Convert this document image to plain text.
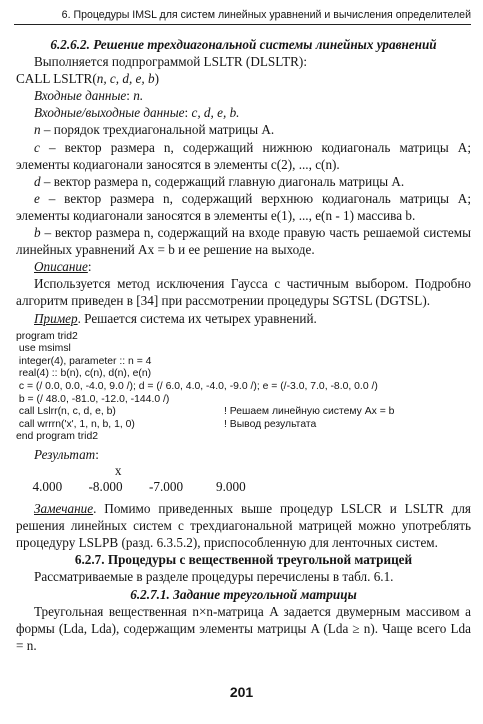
6. Процедуры IMSL для систем линейных уравнений и вычисления определителей

6.2.6.2. Решение трехдиагональной системы линейных уравнений

Выполняется подпрограммой LSLTR (DLSLTR):

CALL LSLTR(n, c, d, e, b)

Входные данные: n.

Входные/выходные данные: c, d, e, b.

n – порядок трехдиагональной матрицы A.

c – вектор размера n, содержащий нижнюю кодиагональ матрицы A; элементы кодиагонали заносятся в элементы c(2), ..., c(n).

d – вектор размера n, содержащий главную диагональ матрицы A.

e – вектор размера n, содержащий верхнюю кодиагональ матрицы A; элементы кодиагонали заносятся в элементы e(1), ..., e(n - 1) массива b.

b – вектор размера n, содержащий на входе правую часть решаемой системы линейных уравнений Ax = b и ее решение на выходе.

Описание:

Используется метод исключения Гаусса с частичным выбором. Подробно алгоритм приведен в [34] при рассмотрении процедуры SGTSL (DGTSL).

Пример. Решается система их четырех уравнений.

program trid2
use msimsl
integer(4), parameter :: n = 4
real(4) :: b(n), c(n), d(n), e(n)
c = (/ 0.0, 0.0, -4.0, 9.0 /); d = (/ 6.0, 4.0, -4.0, -9.0 /); e = (/-3.0, 7.0, -8.0, 0.0 /)
b = (/ 48.0, -81.0, -12.0, -144.0 /)
call Lslrr(n, c, d, e, b)	! Решаем линейную систему Ax = b
call wrrrn('x', 1, n, b, 1, 0)	! Вывод результата
end program trid2

Результат:

x
4.000        -8.000        -7.000          9.000

Замечание. Помимо приведенных выше процедур LSLCR и LSLTR для решения линейных систем с трехдиагональной матрицей можно употреблять процедуру LSLPB (разд. 6.3.5.2), приспособленную для ленточных систем.

6.2.7. Процедуры с вещественной треугольной матрицей

Рассматриваемые в разделе процедуры перечислены в табл. 6.1.

6.2.7.1. Задание треугольной матрицы

Треугольная вещественная n×n-матрица A задается двумерным массивом a формы (Lda, Lda), содержащим элементы матрицы A (Lda ≥ n). Чаще всего Lda = n.

201
